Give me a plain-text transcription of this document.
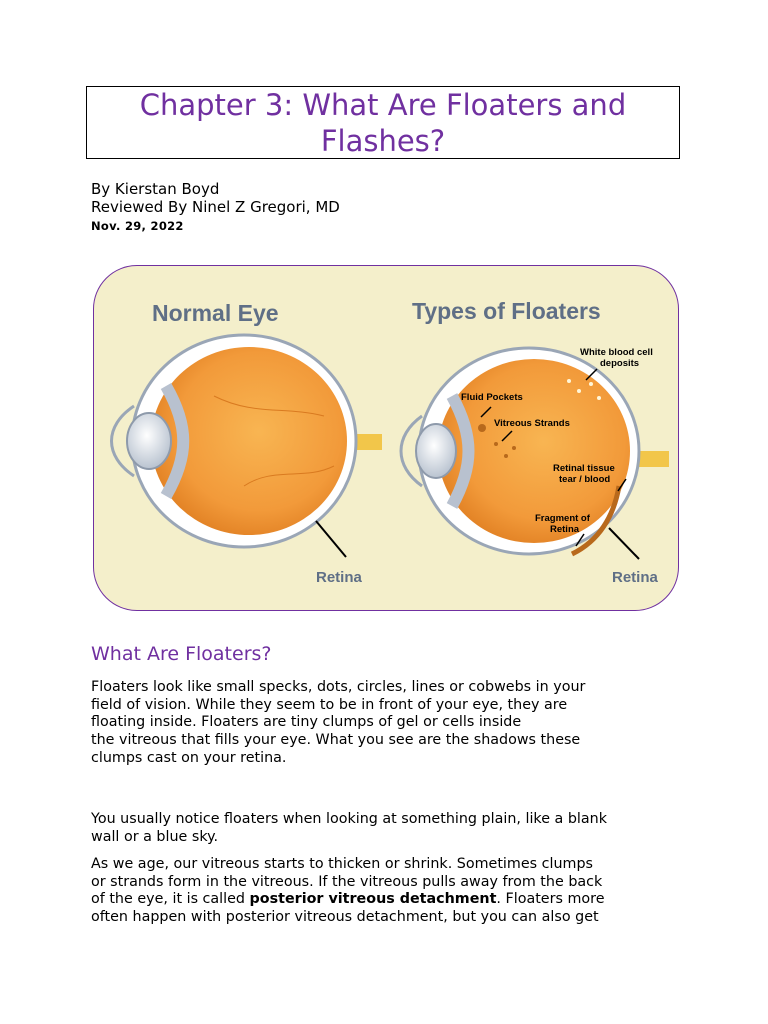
Chapter 3: What Are Floaters and Flashes?
By Kierstan Boyd
Reviewed By Ninel Z Gregori, MD
Nov. 29, 2022
Normal Eye	Types of Floaters
Retina
White blood cell
deposits
Fluid Pockets
Vitreous Strands
Retinal tissue
tear / blood
Fragment of
Retina
Retina
What Are Floaters?
Floaters look like small specks, dots, circles, lines or cobwebs in your
field of vision. While they seem to be in front of your eye, they are
floating inside. Floaters are tiny clumps of gel or cells inside
the vitreous that fills your eye. What you see are the shadows these
clumps cast on your retina.
You usually notice floaters when looking at something plain, like a blank
wall or a blue sky.
As we age, our vitreous starts to thicken or shrink. Sometimes clumps
or strands form in the vitreous. If the vitreous pulls away from the back
of the eye, it is called posterior vitreous detachment. Floaters more
often happen with posterior vitreous detachment, but you can also get
